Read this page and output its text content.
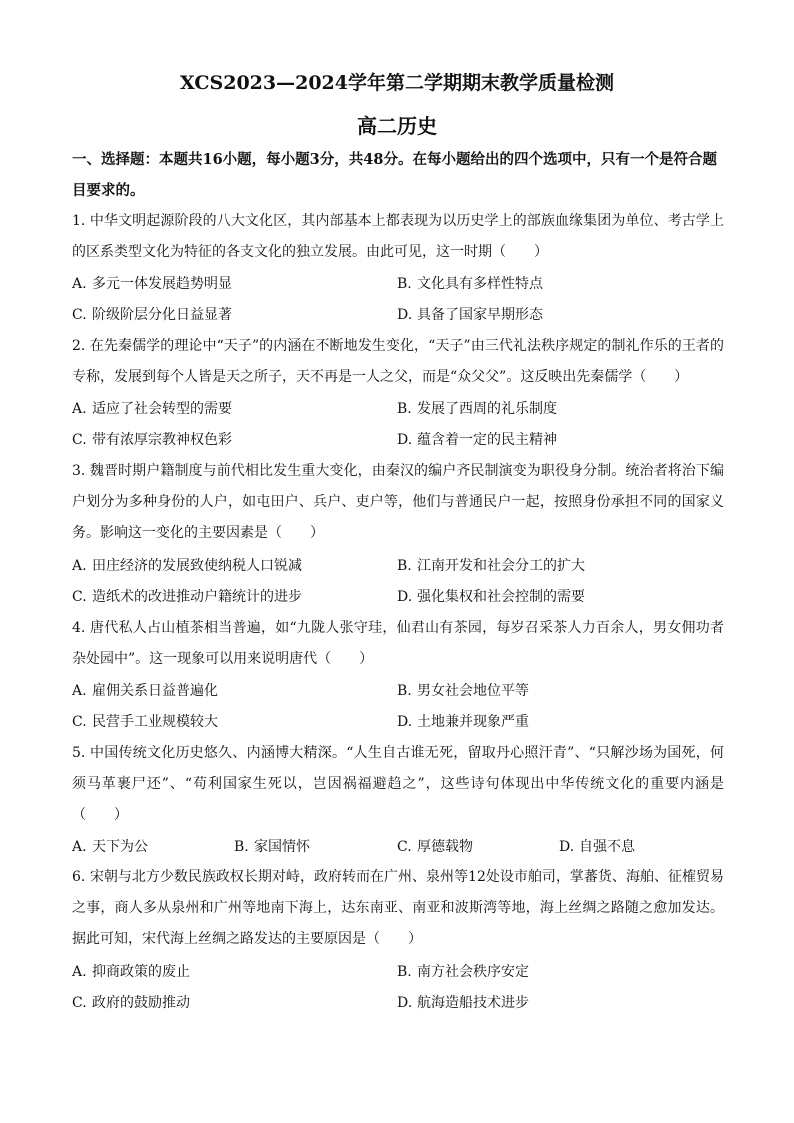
XCS2023—2024学年第二学期期末教学质量检测
高二历史
一、选择题：本题共16小题，每小题3分，共48分。在每小题给出的四个选项中，只有一个是符合题目要求的。
1. 中华文明起源阶段的八大文化区，其内部基本上都表现为以历史学上的部族血缘集团为单位、考古学上的区系类型文化为特征的各支文化的独立发展。由此可见，这一时期（　　）
A. 多元一体发展趋势明显	B. 文化具有多样性特点
C. 阶级阶层分化日益显著	D. 具备了国家早期形态
2. 在先秦儒学的理论中“天子”的内涵在不断地发生变化，“天子”由三代礼法秩序规定的制礼作乐的王者的专称，发展到每个人皆是天之所子，天不再是一人之父，而是“众父父”。这反映出先秦儒学（　　）
A. 适应了社会转型的需要	B. 发展了西周的礼乐制度
C. 带有浓厚宗教神权色彩	D. 蕴含着一定的民主精神
3. 魏晋时期户籍制度与前代相比发生重大变化，由秦汉的编户齐民制演变为职役身分制。统治者将治下编户划分为多种身份的人户，如屯田户、兵户、吏户等，他们与普通民户一起，按照身份承担不同的国家义务。影响这一变化的主要因素是（　　）
A. 田庄经济的发展致使纳税人口锐减	B. 江南开发和社会分工的扩大
C. 造纸术的改进推动户籍统计的进步	D. 强化集权和社会控制的需要
4. 唐代私人占山植茶相当普遍，如“九陇人张守珪，仙君山有茶园，每岁召采茶人力百余人，男女佣功者杂处园中”。这一现象可以用来说明唐代（　　）
A. 雇佣关系日益普遍化	B. 男女社会地位平等
C. 民营手工业规模较大	D. 土地兼并现象严重
5. 中国传统文化历史悠久、内涵博大精深。“人生自古谁无死，留取丹心照汗青”、“只解沙场为国死，何须马革裹尸还”、“苟利国家生死以，岂因祸福避趋之”，这些诗句体现出中华传统文化的重要内涵是（　　）
A. 天下为公	B. 家国情怀	C. 厚德载物	D. 自强不息
6. 宋朝与北方少数民族政权长期对峙，政府转而在广州、泉州等12处设市舶司，掌蕃货、海舶、征榷贸易之事，商人多从泉州和广州等地南下海上，达东南亚、南亚和波斯湾等地，海上丝绸之路随之愈加发达。据此可知，宋代海上丝绸之路发达的主要原因是（　　）
A. 抑商政策的废止	B. 南方社会秩序安定
C. 政府的鼓励推动	D. 航海造船技术进步
